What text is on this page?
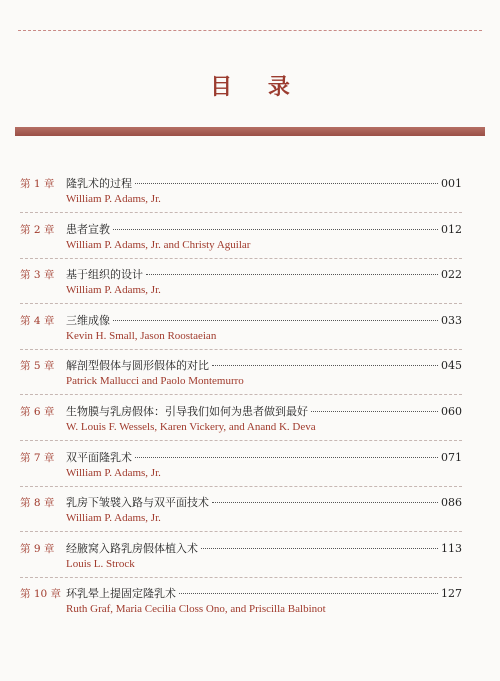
目 录
第 1 章	隆乳术的过程	001
William P. Adams, Jr.
第 2 章	患者宣教	012
William P. Adams, Jr. and Christy Aguilar
第 3 章	基于组织的设计	022
William P. Adams, Jr.
第 4 章	三维成像	033
Kevin H. Small, Jason Roostaeian
第 5 章	解剖型假体与圆形假体的对比	045
Patrick Mallucci and Paolo Montemurro
第 6 章	生物膜与乳房假体：引导我们如何为患者做到最好	060
W. Louis F. Wessels, Karen Vickery, and Anand K. Deva
第 7 章	双平面隆乳术	071
William P. Adams, Jr.
第 8 章	乳房下皱襞入路与双平面技术	086
William P. Adams, Jr.
第 9 章	经腋窝入路乳房假体植入术	113
Louis L. Strock
第 10 章 环乳晕上提固定隆乳术	127
Ruth Graf, Maria Cecilia Closs Ono, and Priscilla Balbinot
